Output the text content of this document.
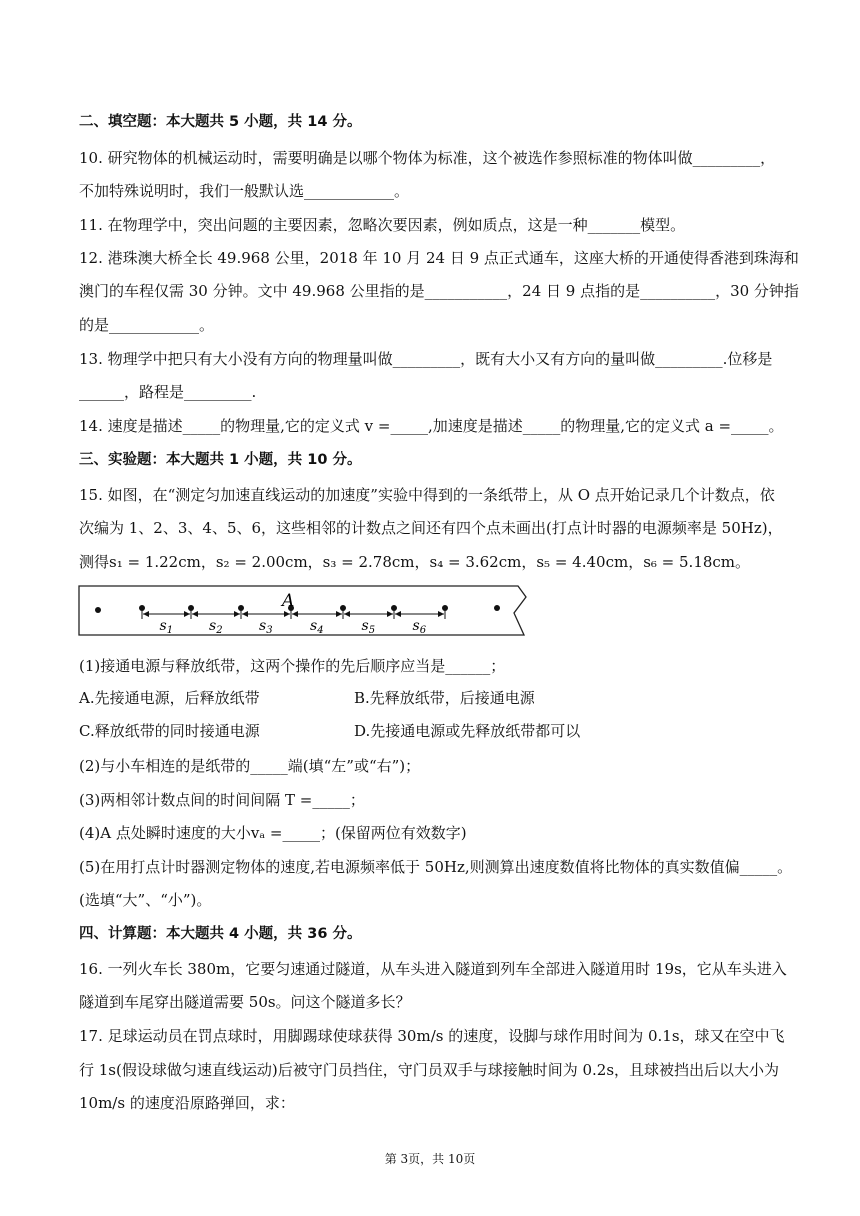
二、填空题：本大题共 5 小题，共 14 分。
10. 研究物体的机械运动时，需要明确是以哪个物体为标准，这个被选作参照标准的物体叫做_________，
不加特殊说明时，我们一般默认选____________。
11. 在物理学中，突出问题的主要因素，忽略次要因素，例如质点，这是一种_______模型。
12. 港珠澳大桥全长 49.968 公里，2018 年 10 月 24 日 9 点正式通车，这座大桥的开通使得香港到珠海和
澳门的车程仅需 30 分钟。文中 49.968 公里指的是___________，24 日 9 点指的是__________，30 分钟指
的是____________。
13. 物理学中把只有大小没有方向的物理量叫做_________，既有大小又有方向的量叫做_________.位移是
______，路程是_________.
14. 速度是描述_____的物理量,它的定义式 v =_____,加速度是描述_____的物理量,它的定义式 a =_____。
三、实验题：本大题共 1 小题，共 10 分。
15. 如图，在“测定匀加速直线运动的加速度”实验中得到的一条纸带上，从 O 点开始记录几个计数点，依
次编为 1、2、3、4、5、6，这些相邻的计数点之间还有四个点未画出(打点计时器的电源频率是 50Hz)，
测得s₁ = 1.22cm，s₂ = 2.00cm，s₃ = 2.78cm，s₄ = 3.62cm，s₅ = 4.40cm，s₆ = 5.18cm。
A
$s_1$	$s_2$	$s_3$	$s_4$	$s_5$	$s_6$
(1)接通电源与释放纸带，这两个操作的先后顺序应当是______；
A.先接通电源，后释放纸带	B.先释放纸带，后接通电源
C.释放纸带的同时接通电源	D.先接通电源或先释放纸带都可以
(2)与小车相连的是纸带的_____端(填“左”或“右”)；
(3)两相邻计数点间的时间间隔 T =_____；
(4)A 点处瞬时速度的大小vₐ =_____；(保留两位有效数字)
(5)在用打点计时器测定物体的速度,若电源频率低于 50Hz,则测算出速度数值将比物体的真实数值偏_____。
(选填“大”、“小”)。
四、计算题：本大题共 4 小题，共 36 分。
16. 一列火车长 380m，它要匀速通过隧道，从车头进入隧道到列车全部进入隧道用时 19s，它从车头进入
隧道到车尾穿出隧道需要 50s。问这个隧道多长？
17. 足球运动员在罚点球时，用脚踢球使球获得 30m/s 的速度，设脚与球作用时间为 0.1s，球又在空中飞
行 1s(假设球做匀速直线运动)后被守门员挡住，守门员双手与球接触时间为 0.2s，且球被挡出后以大小为
10m/s 的速度沿原路弹回，求：
第 3页，共 10页
